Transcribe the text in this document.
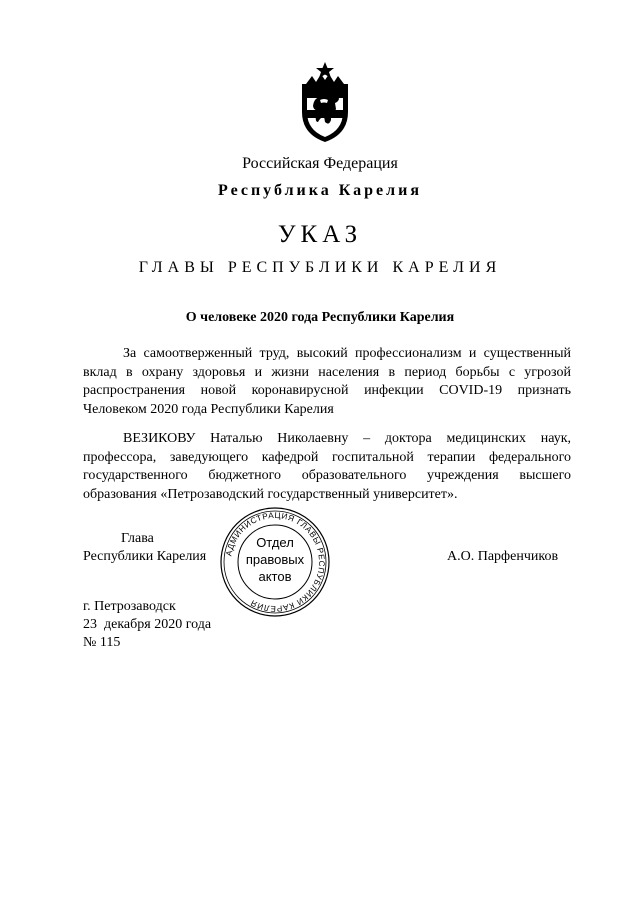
Российская Федерация
Республика Карелия
УКАЗ
ГЛАВЫ РЕСПУБЛИКИ КАРЕЛИЯ
О человеке 2020 года Республики Карелия
За самоотверженный труд, высокий профессионализм и существенный вклад в охрану здоровья и жизни населения в период борьбы с угрозой распространения новой коронавирусной инфекции COVID-19 признать Человеком 2020 года Республики Карелия
ВЕЗИКОВУ Наталью Николаевну – доктора медицинских наук, профессора, заведующего кафедрой госпитальной терапии федерального государственного бюджетного образовательного учреждения высшего образования «Петрозаводский государственный университет».
Глава
Республики Карелия	А.О. Парфенчиков
АДМИНИСТРАЦИЯ ГЛАВЫ РЕСПУБЛИКИ КАРЕЛИЯ
Отдел
правовых
актов
г. Петрозаводск
23  декабря 2020 года
№ 115
